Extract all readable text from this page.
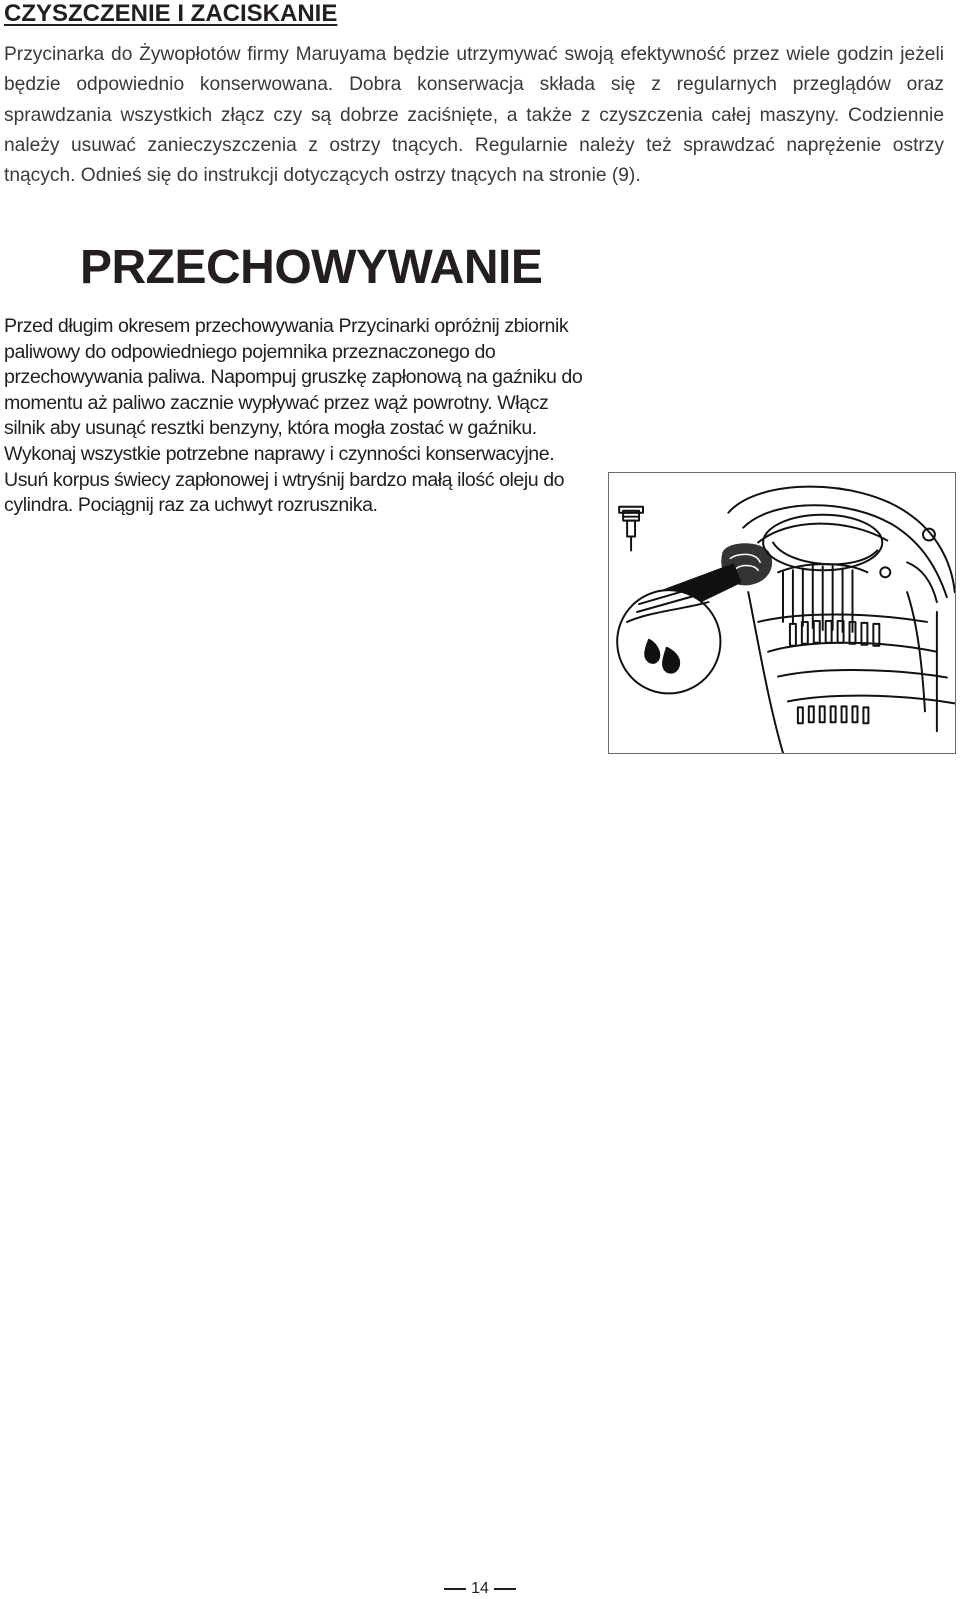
CZYSZCZENIE I ZACISKANIE

Przycinarka do Żywopłotów firmy Maruyama będzie utrzymywać swoją efektywność przez wiele godzin jeżeli będzie odpowiednio konserwowana. Dobra konserwacja składa się z regularnych przeglądów oraz sprawdzania wszystkich złącz czy są dobrze zaciśnięte, a także z czyszczenia całej maszyny. Codziennie należy usuwać zanieczyszczenia z ostrzy tnących. Regularnie należy też sprawdzać naprężenie ostrzy tnących. Odnieś się do instrukcji dotyczących ostrzy tnących na stronie (9).

PRZECHOWYWANIE

Przed długim okresem przechowywania Przycinarki opróżnij zbiornik paliwowy do odpowiedniego pojemnika przeznaczonego do przechowywania paliwa. Napompuj gruszkę zapłonową na gaźniku do momentu aż paliwo zacznie wypływać przez wąż powrotny. Włącz silnik aby usunąć resztki benzyny, która mogła zostać w gaźniku. Wykonaj wszystkie potrzebne naprawy i czynności konserwacyjne. Usuń korpus świecy zapłonowej i wtryśnij bardzo małą ilość oleju do cylindra. Pociągnij raz za uchwyt rozrusznika.

14
